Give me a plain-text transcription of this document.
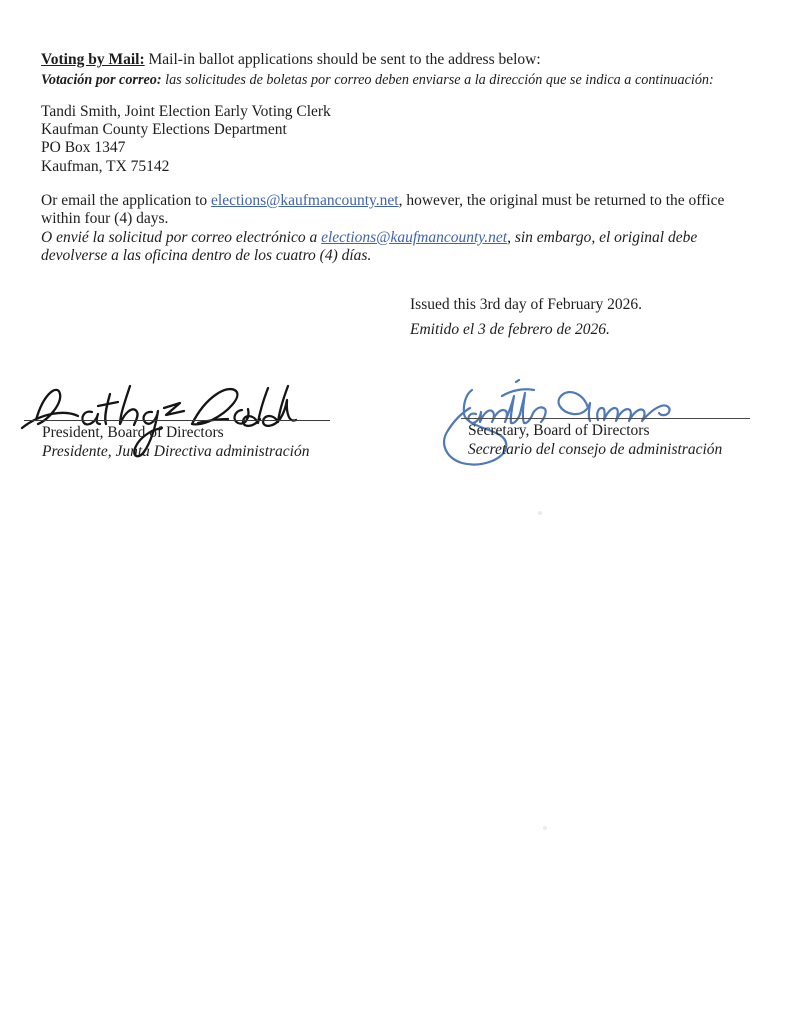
Voting by Mail: Mail-in ballot applications should be sent to the address below:
Votación por correo: las solicitudes de boletas por correo deben enviarse a la dirección que se indica a continuación:
Tandi Smith, Joint Election Early Voting Clerk
Kaufman County Elections Department
PO Box 1347
Kaufman, TX 75142
Or email the application to elections@kaufmancounty.net, however, the original must be returned to the office
within four (4) days.
O envié la solicitud por correo electrónico a elections@kaufmancounty.net, sin embargo, el original debe
devolverse a las oficina dentro de los cuatro (4) días.
Issued this 3rd day of February 2026.
Emitido el 3 de febrero de 2026.
President, Board of Directors
Presidente, Junta Directiva administración
Secretary, Board of Directors
Secretario del consejo de administración
